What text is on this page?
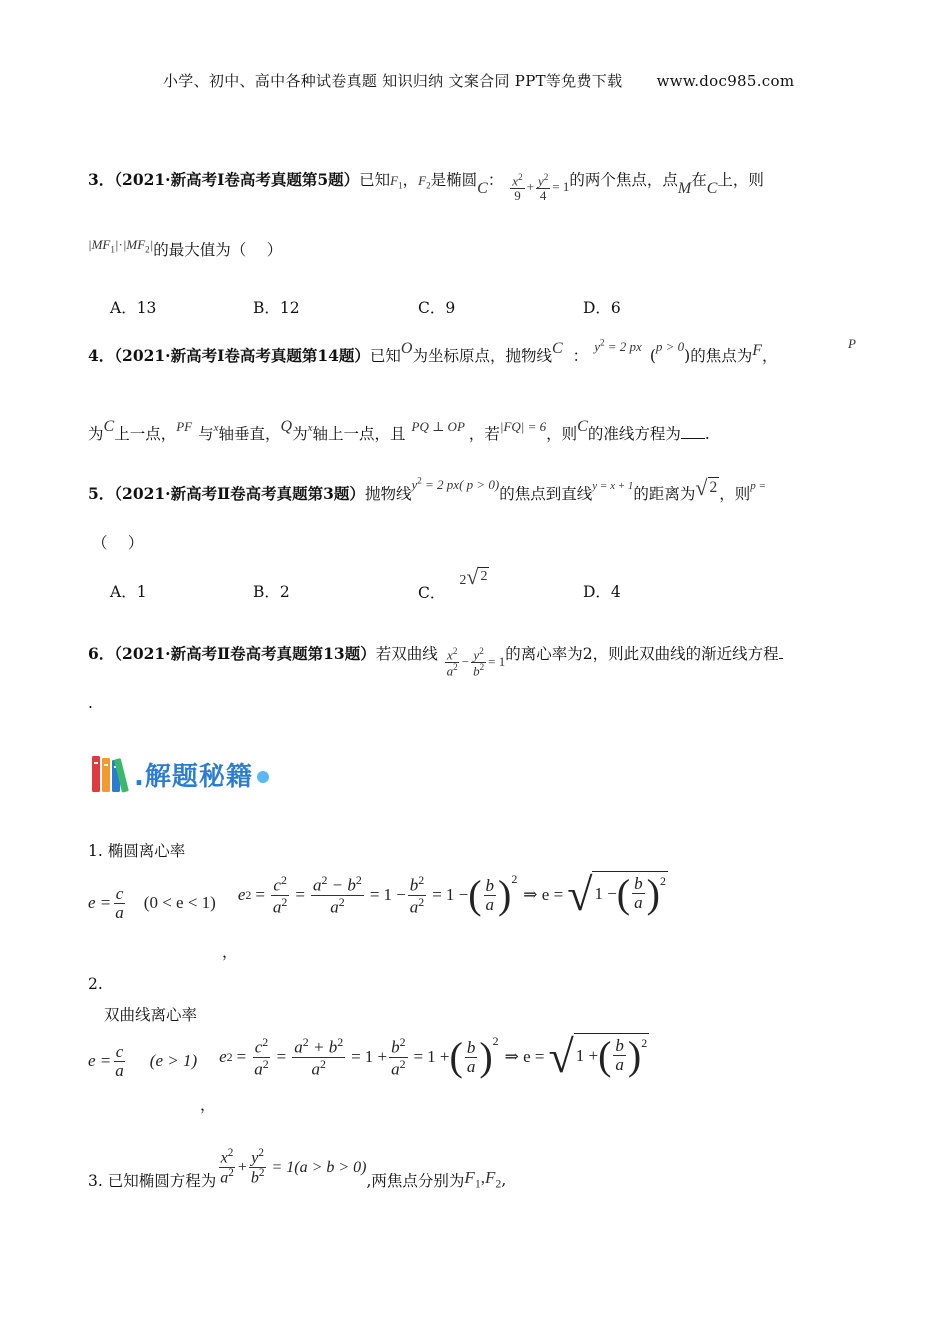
小学、初中、高中各种试卷真题 知识归纳 文案合同 PPT等免费下载 www.doc985.com
3．（2021·新高考Ⅰ卷高考真题第5题）已知$F_1$，$F_2$是椭圆C： $\frac{x^2}{9} + \frac{y^2}{4} = 1$ 的两个焦点，点M在C上，则
$^{|MF_1|\cdot|MF_2|}$的最大值为（　 ）
A．13	B．12	C．9	D．6
4．（2021·新高考Ⅰ卷高考真题第14题）已知O为坐标原点，抛物线C ：$^{y^2 = 2 px}$($^{p > 0}$)的焦点为F，
P
为C上一点，$^{PF}$ 与$^x$轴垂直，Q为$^x$轴上一点，且 $^{PQ \perp OP}$ ，若$^{|FQ| = 6}$，则C的准线方程为 .
5．（2021·新高考Ⅱ卷高考真题第3题）抛物线$^{y^2 = 2 px( p > 0)}$的焦点到直线$^{y = x + 1}$的距离为 √ 2 ，则$^{p =}$
（　 ）
A．1	B．2	C．2 √ 2
D．4
6．（2021·新高考Ⅱ卷高考真题第13题）若双曲线 $\frac{x^2}{a^2} - \frac{y^2}{b^2} = 1$ 的离心率为2，则此双曲线的渐近线方程
.
.解题秘籍
1. 椭圆离心率
$e = \frac{c}{a} (0 < e < 1)$ e $2 = \frac{c^2}{a^2} = \frac{a^2 - b^2}{a^2} = 1 - \frac{b^2}{a^2} = 1$ − ( $\frac{b}{a}$ ) 2
⇒ e = √ 1 − ( $\frac{b}{a}$ ) 2
，
2.
双曲线离心率
$e = \frac{c}{a} (e > 1)$ e $2 = \frac{c^2}{a^2} = \frac{a^2 + b^2}{a^2} = 1 + \frac{b^2}{a^2} = 1$ + ( $\frac{b}{a}$ ) 2
⇒ e = √ 1 + ( $\frac{b}{a}$ ) 2
，
3. 已知椭圆方程为 $\frac{x^2}{a^2} + \frac{y^2}{b^2} = 1(a > b > 0)$
,两焦点分别为 $F_1,F_2$ ,
